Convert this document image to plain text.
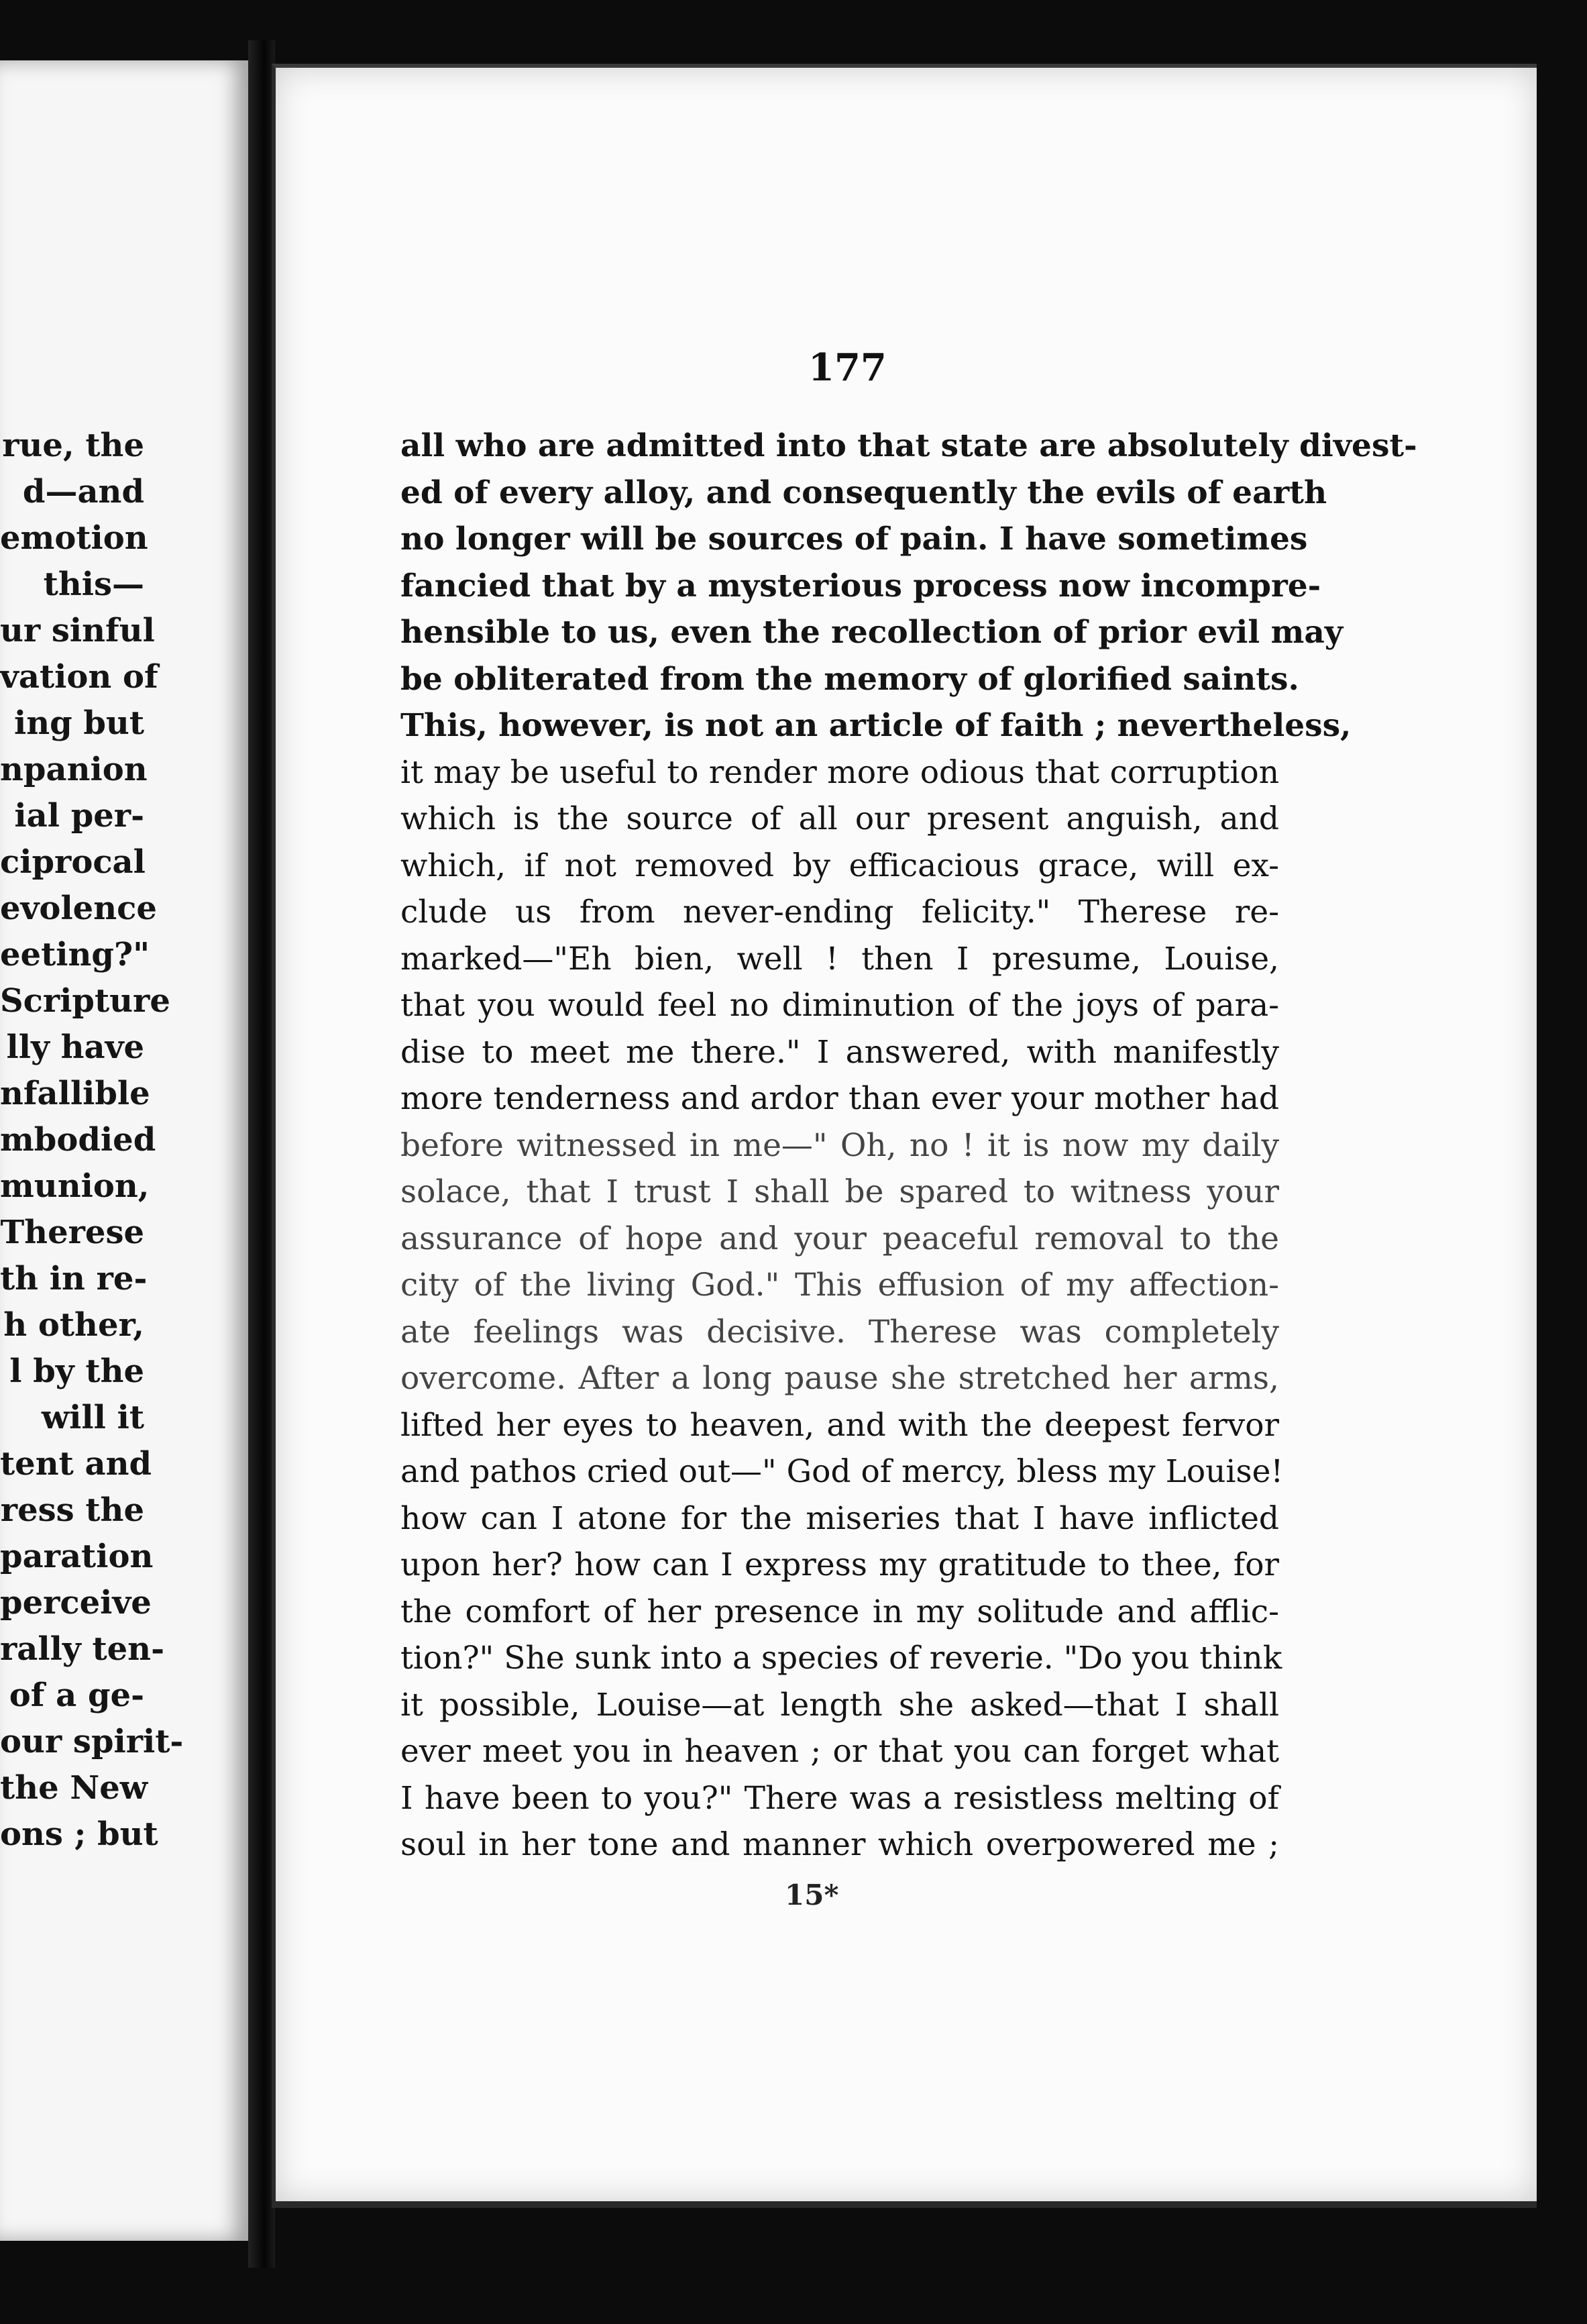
rue, the
d—and
emotion
this—
ur sinful
vation of
ing but
npanion
ial per-
ciprocal
evolence
eeting?"
Scripture
lly have
nfallible
mbodied
munion,
Therese
th in re-
h other,
l by the
will it
tent and
ress the
paration
perceive
rally ten-
of a ge-
our spirit-
the New
ons ; but
177
all who are admitted into that state are absolutely divest-
ed of every alloy, and consequently the evils of earth
no longer will be sources of pain. I have sometimes
fancied that by a mysterious process now incompre-
hensible to us, even the recollection of prior evil may
be obliterated from the memory of glorified saints.
This, however, is not an article of faith ; nevertheless,
it may be useful to render more odious that corruption
which is the source of all our present anguish, and
which, if not removed by efficacious grace, will ex-
clude us from never-ending felicity." Therese re-
marked—"Eh bien, well ! then I presume, Louise,
that you would feel no diminution of the joys of para-
dise to meet me there." I answered, with manifestly
more tenderness and ardor than ever your mother had
before witnessed in me—" Oh, no ! it is now my daily
solace, that I trust I shall be spared to witness your
assurance of hope and your peaceful removal to the
city of the living God." This effusion of my affection-
ate feelings was decisive. Therese was completely
overcome. After a long pause she stretched her arms,
lifted her eyes to heaven, and with the deepest fervor
and pathos cried out—" God of mercy, bless my Louise!
how can I atone for the miseries that I have inflicted
upon her? how can I express my gratitude to thee, for
the comfort of her presence in my solitude and afflic-
tion?" She sunk into a species of reverie. "Do you think
it possible, Louise—at length she asked—that I shall
ever meet you in heaven ; or that you can forget what
I have been to you?" There was a resistless melting of
soul in her tone and manner which overpowered me ;
15*
